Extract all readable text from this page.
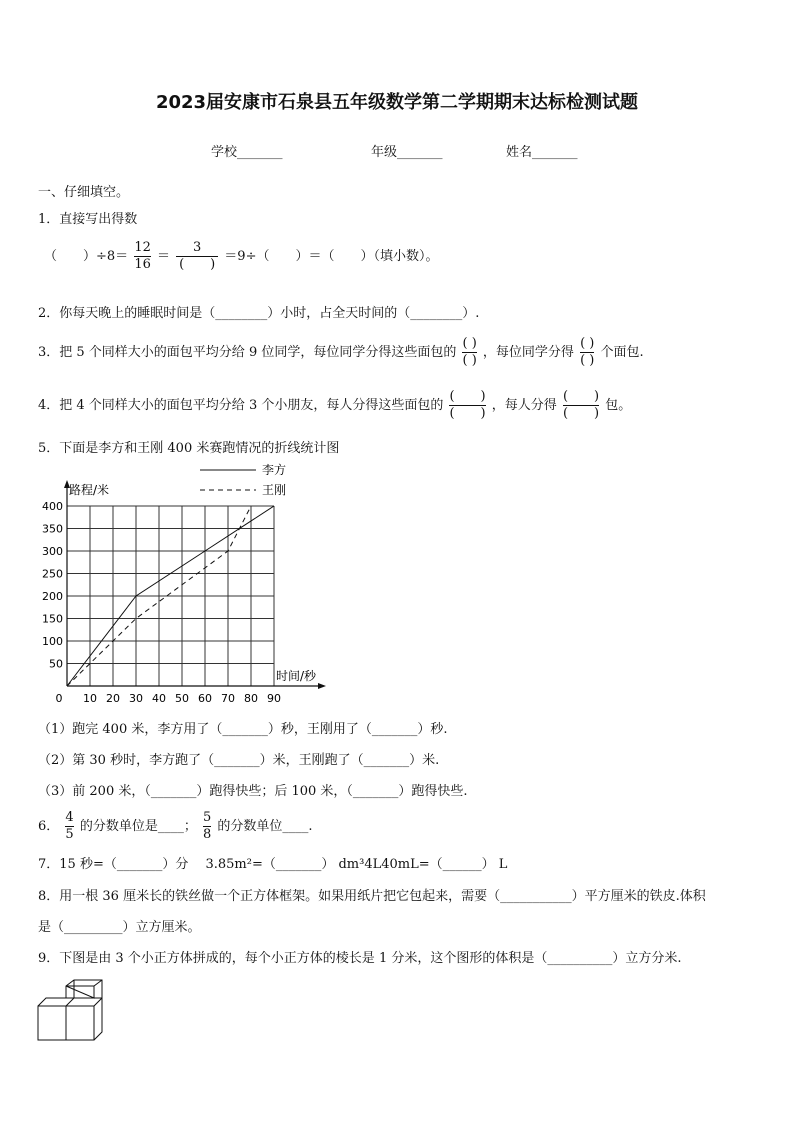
2023届安康市石泉县五年级数学第二学期期末达标检测试题
学校_______	年级_______	姓名_______
一、仔细填空。
1．直接写出得数
（　　）$\div 8= \frac{12}{16} = \frac{3}{( )} =9\div$（　　）＝（　　）（填小数）。
2．你每天晚上的睡眠时间是（________）小时，占全天时间的（________）.
3．把 5 个同样大小的面包平均分给 9 位同学，每位同学分得这些面包的 $\frac{( )}{( )}$ ，每位同学分得 $\frac{( )}{( )}$ 个面包.
4．把 4 个同样大小的面包平均分给 3 个小朋友，每人分得这些面包的 $\frac{( )}{( )}$ ，每人分得 $\frac{( )}{( )}$ 包。
5．下面是李方和王刚 400 米赛跑情况的折线统计图
10 20 30 40 50 60 70 80 90
50
100
150
200
250
300
350
400
0
路程/米
时间/秒
李方
王刚
（1）跑完 400 米，李方用了（_______）秒，王刚用了（_______）秒.
（2）第 30 秒时，李方跑了（_______）米，王刚跑了（_______）米.
（3）前 200 米，（_______）跑得快些；后 100 米，（_______）跑得快些.
6． $\frac{4}{5}$ 的分数单位是____； $\frac{5}{8}$ 的分数单位____.
7．15 秒=（_______）分　 3.85m²=（_______） dm³4L40mL=（______） L
8．用一根 36 厘米长的铁丝做一个正方体框架。如果用纸片把它包起来，需要（___________）平方厘米的铁皮.体积
是（_________）立方厘米。
9．下图是由 3 个小正方体拼成的，每个小正方体的棱长是 1 分米，这个图形的体积是（__________）立方分米.
